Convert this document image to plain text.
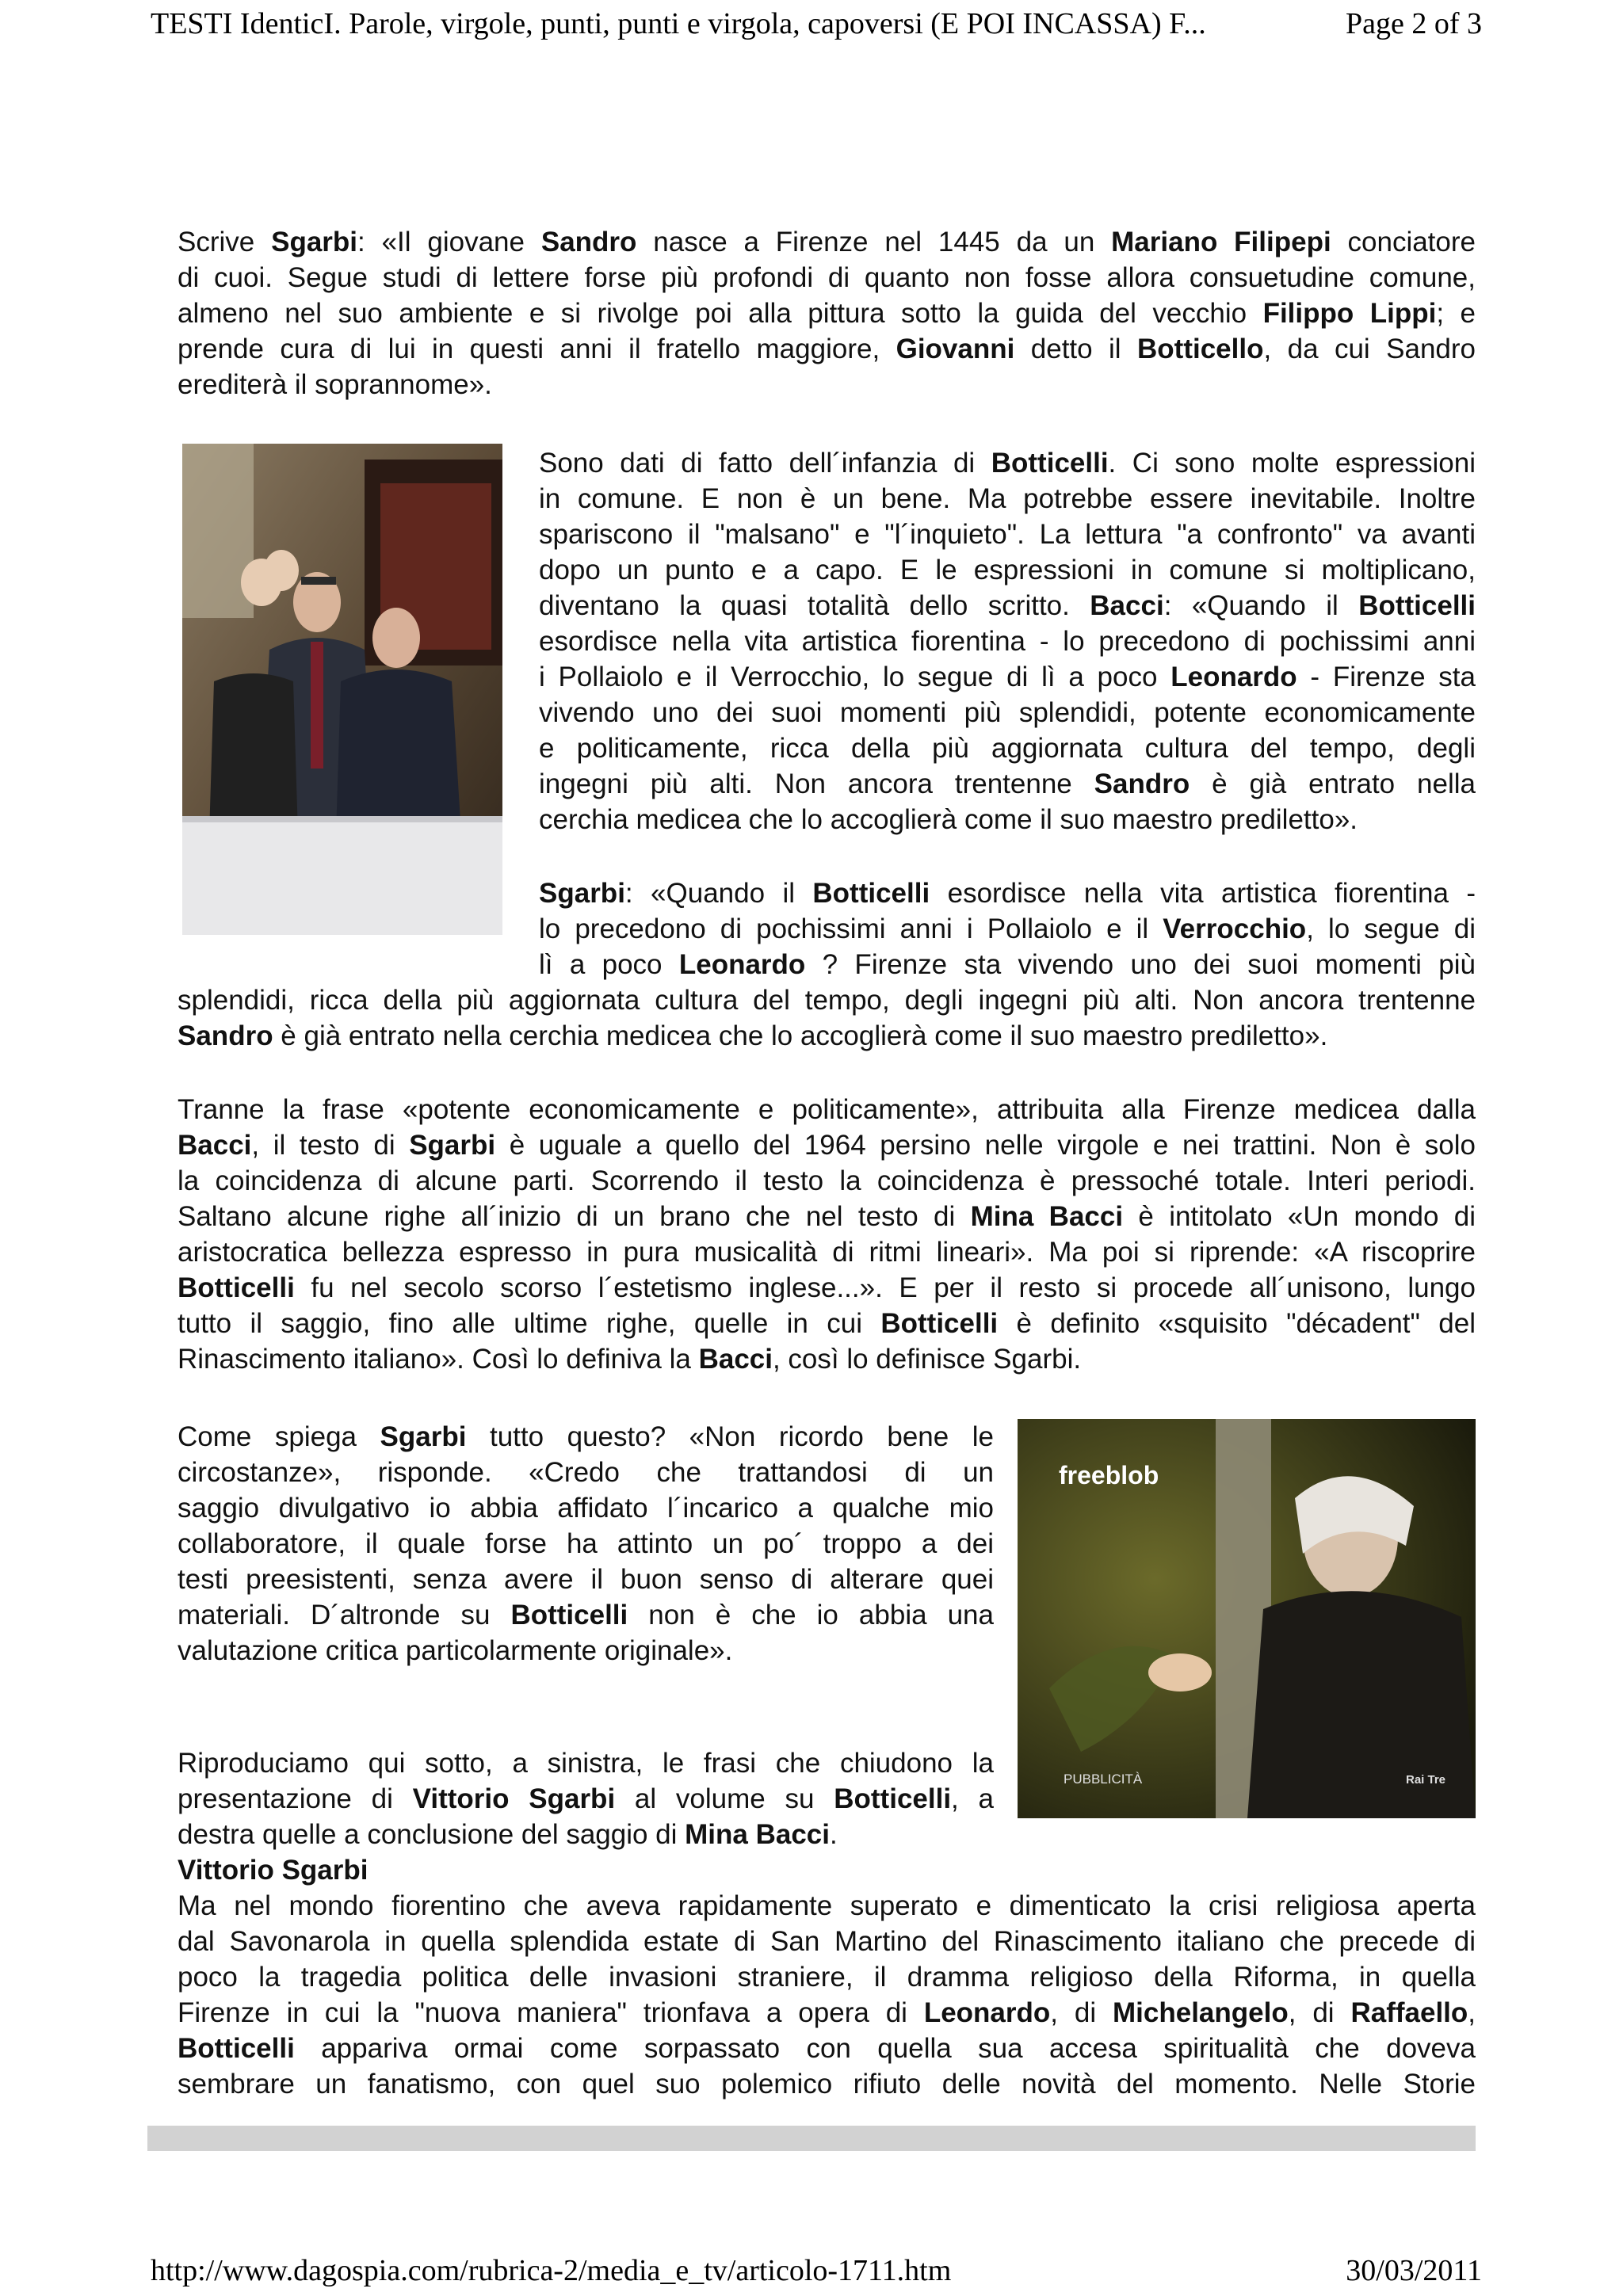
TESTI IdenticI. Parole, virgole, punti, punti e virgola, capoversi (E POI INCASSA) F...	Page 2 of 3
freeblob
PUBBLICITÀ	Rai Tre
Scrive Sgarbi: «Il giovane Sandro nasce a Firenze nel 1445 da un Mariano Filipepi conciatore
di cuoi. Segue studi di lettere forse più profondi di quanto non fosse allora consuetudine comune,
almeno nel suo ambiente e si rivolge poi alla pittura sotto la guida del vecchio Filippo Lippi; e
prende cura di lui in questi anni il fratello maggiore, Giovanni detto il Botticello, da cui Sandro
erediterà il soprannome».
Sono dati di fatto dell´infanzia di Botticelli. Ci sono molte espressioni
in comune. E non è un bene. Ma potrebbe essere inevitabile. Inoltre
spariscono il "malsano" e "l´inquieto". La lettura "a confronto" va avanti
dopo un punto e a capo. E le espressioni in comune si moltiplicano,
diventano la quasi totalità dello scritto. Bacci: «Quando il Botticelli
esordisce nella vita artistica fiorentina - lo precedono di pochissimi anni
i Pollaiolo e il Verrocchio, lo segue di lì a poco Leonardo - Firenze sta
vivendo uno dei suoi momenti più splendidi, potente economicamente
e politicamente, ricca della più aggiornata cultura del tempo, degli
ingegni più alti. Non ancora trentenne Sandro è già entrato nella
cerchia medicea che lo accoglierà come il suo maestro prediletto».
Sgarbi: «Quando il Botticelli esordisce nella vita artistica fiorentina -
lo precedono di pochissimi anni i Pollaiolo e il Verrocchio, lo segue di
lì a poco Leonardo ? Firenze sta vivendo uno dei suoi momenti più
splendidi, ricca della più aggiornata cultura del tempo, degli ingegni più alti. Non ancora trentenne
Sandro è già entrato nella cerchia medicea che lo accoglierà come il suo maestro prediletto».
Tranne la frase «potente economicamente e politicamente», attribuita alla Firenze medicea dalla
Bacci, il testo di Sgarbi è uguale a quello del 1964 persino nelle virgole e nei trattini. Non è solo
la coincidenza di alcune parti. Scorrendo il testo la coincidenza è pressoché totale. Interi periodi.
Saltano alcune righe all´inizio di un brano che nel testo di Mina Bacci è intitolato «Un mondo di
aristocratica bellezza espresso in pura musicalità di ritmi lineari». Ma poi si riprende: «A riscoprire
Botticelli fu nel secolo scorso l´estetismo inglese...». E per il resto si procede all´unisono, lungo
tutto il saggio, fino alle ultime righe, quelle in cui Botticelli è definito «squisito "décadent" del
Rinascimento italiano». Così lo definiva la Bacci, così lo definisce Sgarbi.
Come spiega Sgarbi tutto questo? «Non ricordo bene le
circostanze», risponde. «Credo che trattandosi di un
saggio divulgativo io abbia affidato l´incarico a qualche mio
collaboratore, il quale forse ha attinto un po´ troppo a dei
testi preesistenti, senza avere il buon senso di alterare quei
materiali. D´altronde su Botticelli non è che io abbia una
valutazione critica particolarmente originale».
Riproduciamo qui sotto, a sinistra, le frasi che chiudono la
presentazione di Vittorio Sgarbi al volume su Botticelli, a
destra quelle a conclusione del saggio di Mina Bacci.
Vittorio Sgarbi
Ma nel mondo fiorentino che aveva rapidamente superato e dimenticato la crisi religiosa aperta
dal Savonarola in quella splendida estate di San Martino del Rinascimento italiano che precede di
poco la tragedia politica delle invasioni straniere, il dramma religioso della Riforma, in quella
Firenze in cui la "nuova maniera" trionfava a opera di Leonardo, di Michelangelo, di Raffaello,
Botticelli appariva ormai come sorpassato con quella sua accesa spiritualità che doveva
sembrare un fanatismo, con quel suo polemico rifiuto delle novità del momento. Nelle Storie
http://www.dagospia.com/rubrica-2/media_e_tv/articolo-1711.htm	30/03/2011
